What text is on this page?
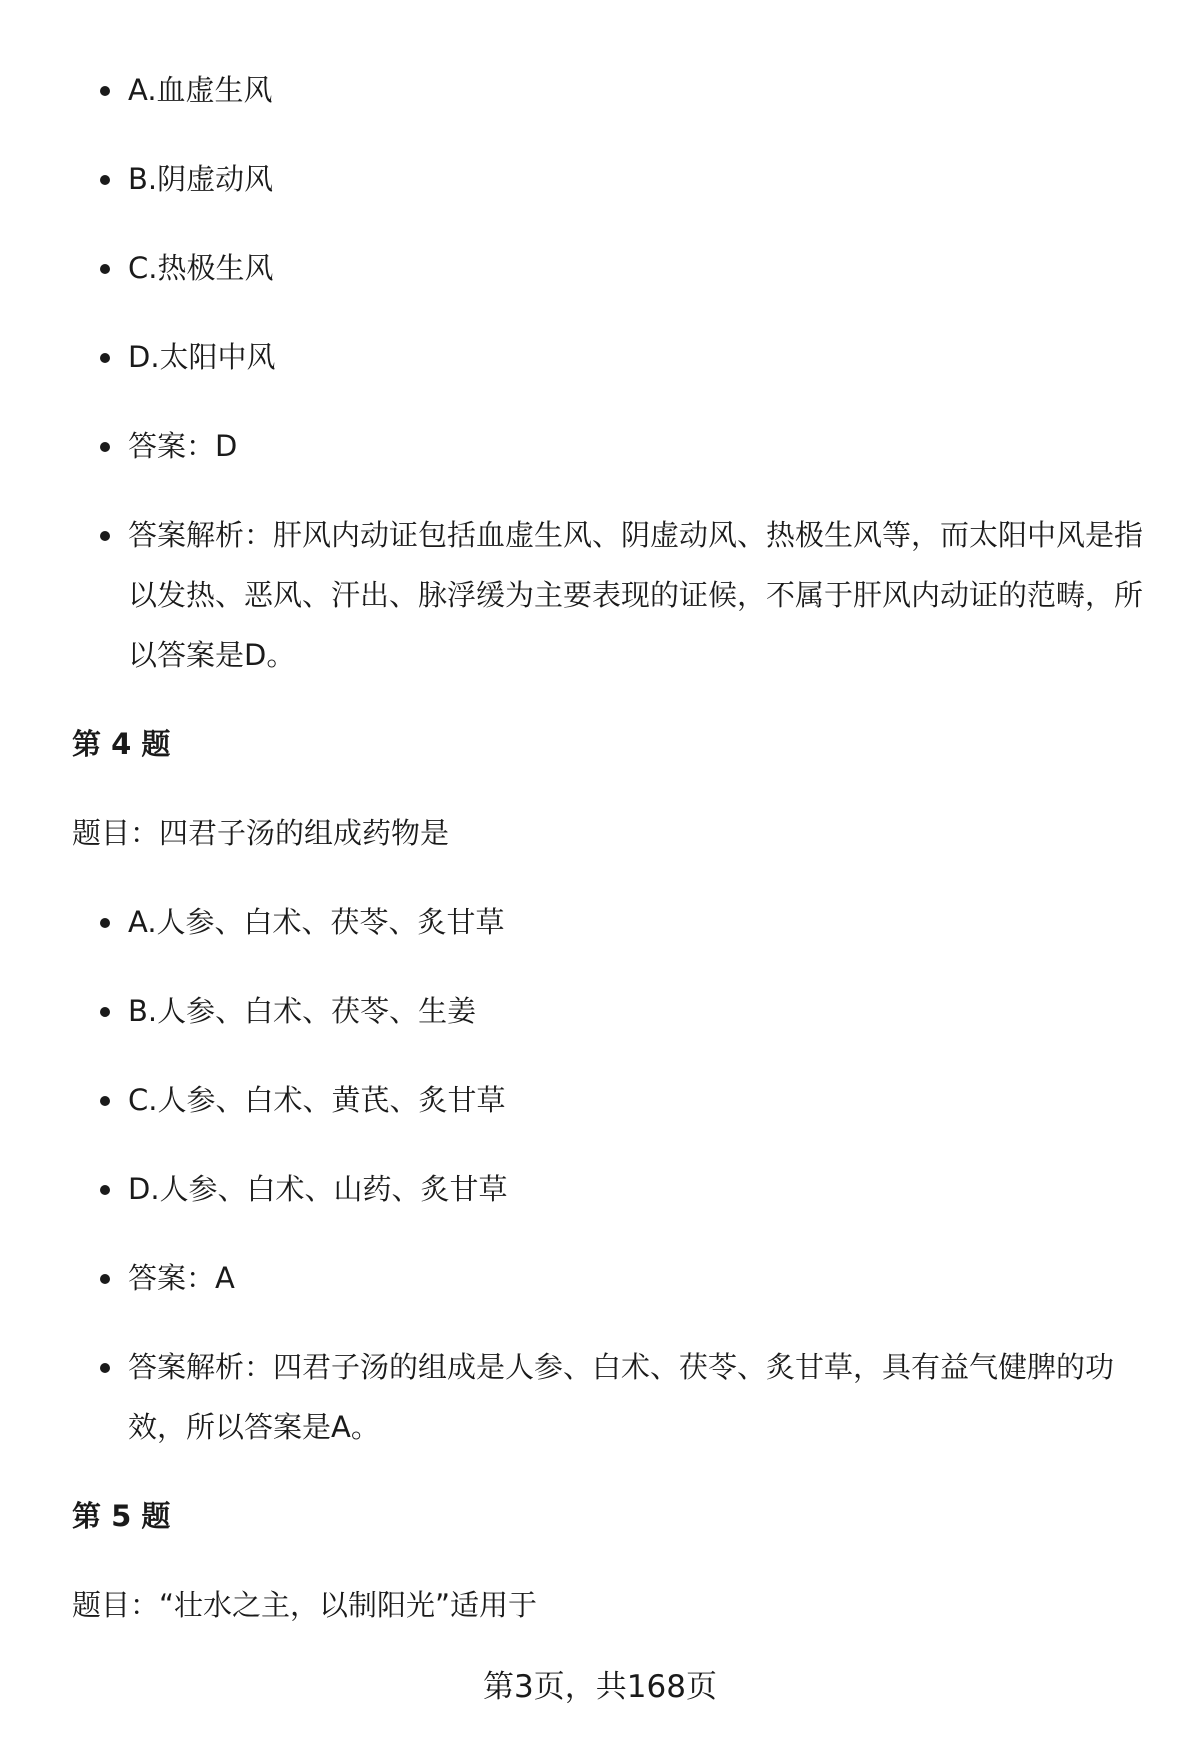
A.血虚生风
B.阴虚动风
C.热极生风
D.太阳中风
答案：D
答案解析：肝风内动证包括血虚生风、阴虚动风、热极生风等，而太阳中风是指以发热、恶风、汗出、脉浮缓为主要表现的证候，不属于肝风内动证的范畴，所以答案是D。
第 4 题
题目：四君子汤的组成药物是
A.人参、白术、茯苓、炙甘草
B.人参、白术、茯苓、生姜
C.人参、白术、黄芪、炙甘草
D.人参、白术、山药、炙甘草
答案：A
答案解析：四君子汤的组成是人参、白术、茯苓、炙甘草，具有益气健脾的功效，所以答案是A。
第 5 题
题目：“壮水之主，以制阳光”适用于
第3页，共168页
